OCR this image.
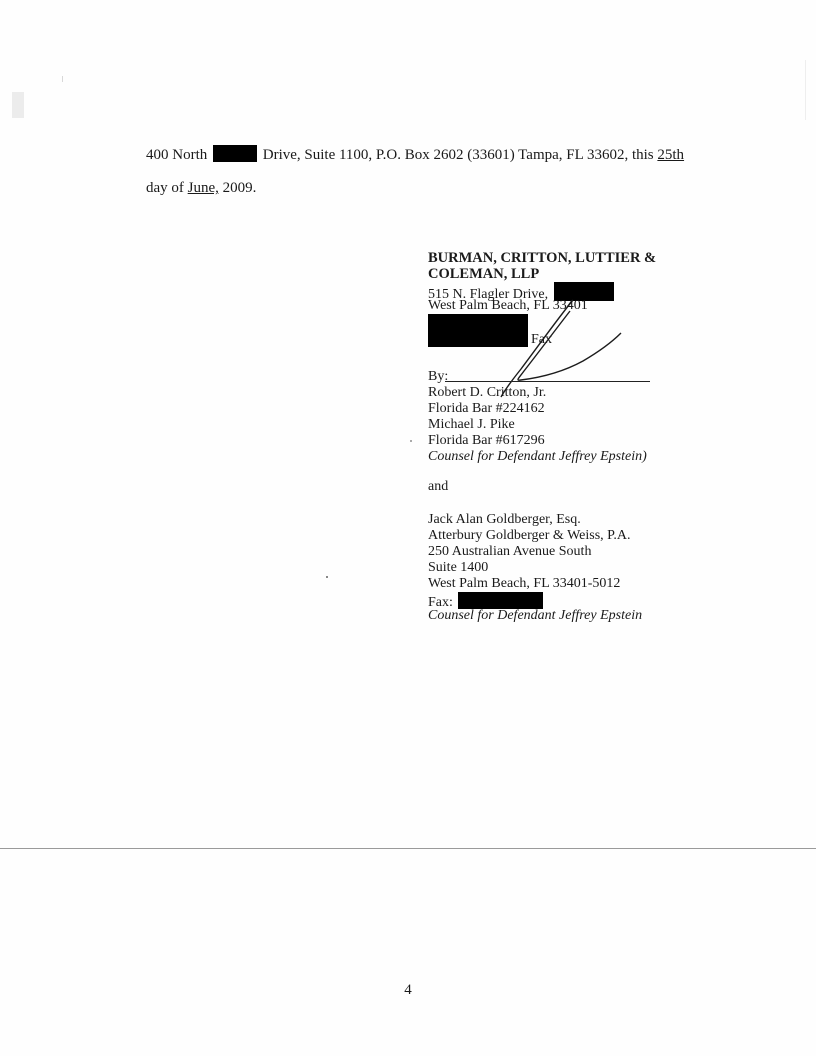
400 North	Drive, Suite 1100, P.O. Box 2602 (33601) Tampa, FL 33602, this 25th
day of June, 2009.
BURMAN, CRITTON, LUTTIER &
COLEMAN, LLP
515 N. Flagler Drive,
West Palm Beach, FL 33401
Fax
By:
Robert D. Critton, Jr.
Florida Bar #224162
Michael J. Pike
Florida Bar #617296
Counsel for Defendant Jeffrey Epstein)
and
Jack Alan Goldberger, Esq.
Atterbury Goldberger & Weiss, P.A.
250 Australian Avenue South
Suite 1400
West Palm Beach, FL 33401-5012
Fax:
Counsel for Defendant Jeffrey Epstein
4
